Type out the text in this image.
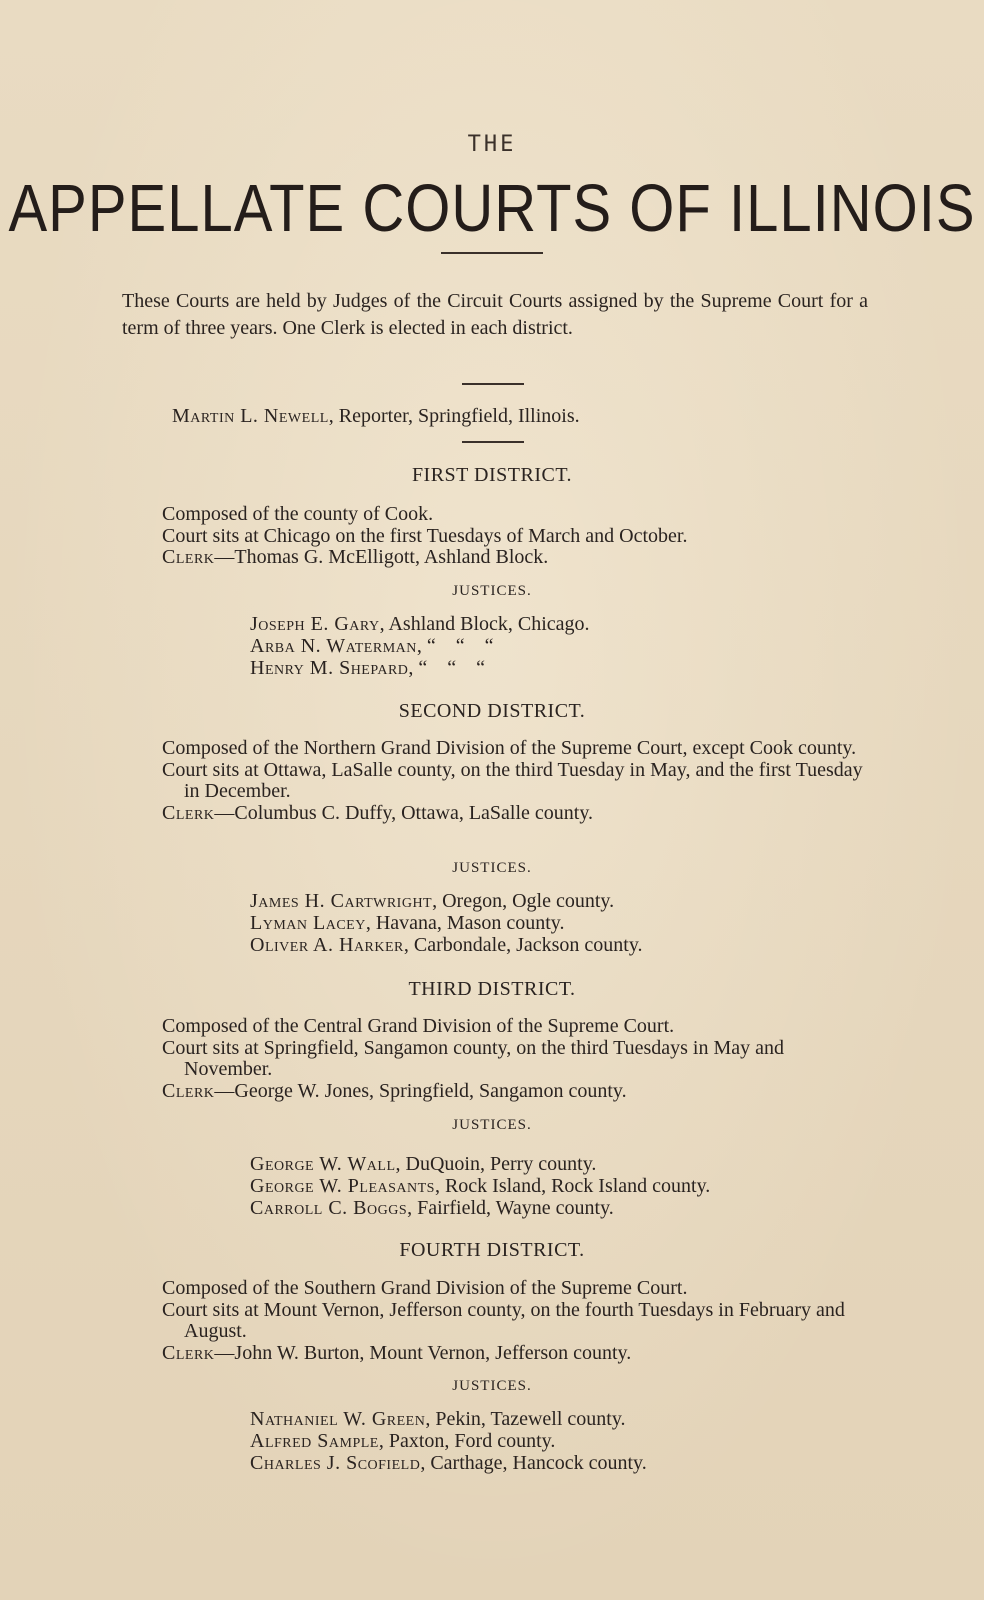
THE
APPELLATE COURTS OF ILLINOIS
These Courts are held by Judges of the Circuit Courts assigned by the Supreme Court for a term of three years. One Clerk is elected in each district.
Martin L. Newell, Reporter, Springfield, Illinois.
FIRST DISTRICT.

Composed of the county of Cook.

Court sits at Chicago on the first Tuesdays of March and October.

Clerk—Thomas G. McElligott, Ashland Block.

JUSTICES.
Joseph E. Gary, Ashland Block, Chicago.
Arba N. Waterman, “    “    “
Henry M. Shepard, “    “    “
SECOND DISTRICT.

Composed of the Northern Grand Division of the Supreme Court, except Cook county.

Court sits at Ottawa, LaSalle county, on the third Tuesday in May, and the first Tuesday in December.

Clerk—Columbus C. Duffy, Ottawa, LaSalle county.

JUSTICES.
James H. Cartwright, Oregon, Ogle county.
Lyman Lacey, Havana, Mason county.
Oliver A. Harker, Carbondale, Jackson county.
THIRD DISTRICT.

Composed of the Central Grand Division of the Supreme Court.

Court sits at Springfield, Sangamon county, on the third Tuesdays in May and November.

Clerk—George W. Jones, Springfield, Sangamon county.

JUSTICES.
George W. Wall, DuQuoin, Perry county.
George W. Pleasants, Rock Island, Rock Island county.
Carroll C. Boggs, Fairfield, Wayne county.
FOURTH DISTRICT.

Composed of the Southern Grand Division of the Supreme Court.

Court sits at Mount Vernon, Jefferson county, on the fourth Tuesdays in February and August.

Clerk—John W. Burton, Mount Vernon, Jefferson county.

JUSTICES.
Nathaniel W. Green, Pekin, Tazewell county.
Alfred Sample, Paxton, Ford county.
Charles J. Scofield, Carthage, Hancock county.
